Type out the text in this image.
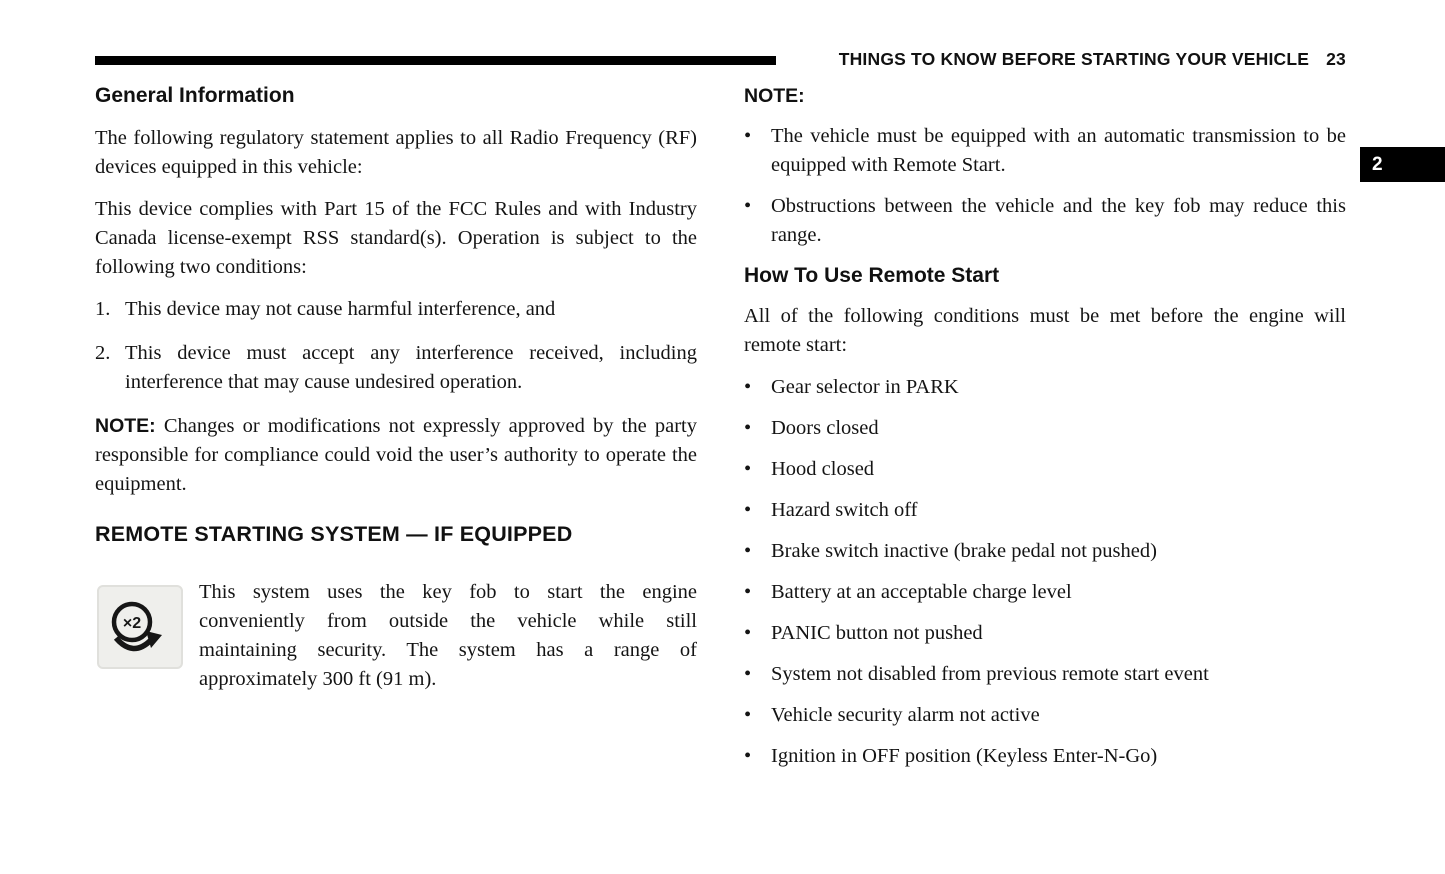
THINGS TO KNOW BEFORE STARTING YOUR VEHICLE 23
2
General Information

The following regulatory statement applies to all Radio Frequency (RF) devices equipped in this vehicle:

This device complies with Part 15 of the FCC Rules and with Industry Canada license-exempt RSS standard(s). Operation is subject to the following two conditions:

1. This device may not cause harmful interference, and
2. This device must accept any interference received, including interference that may cause undesired operation.

NOTE: Changes or modifications not expressly approved by the party responsible for compliance could void the user’s authority to operate the equipment.

REMOTE STARTING SYSTEM — IF EQUIPPED
×2
This system uses the key fob to start the engine conveniently from outside the vehicle while still maintaining security. The system has a range of approximately 300 ft (91 m).
NOTE:
•
The vehicle must be equipped with an automatic transmission to be equipped with Remote Start.
•
Obstructions between the vehicle and the key fob may reduce this range.
How To Use Remote Start

All of the following conditions must be met before the engine will remote start:

•
Gear selector in PARK
•
Doors closed
•
Hood closed
•
Hazard switch off
•
Brake switch inactive (brake pedal not pushed)
•
Battery at an acceptable charge level
•
PANIC button not pushed
•
System not disabled from previous remote start event
•
Vehicle security alarm not active
•
Ignition in OFF position (Keyless Enter-N-Go)
